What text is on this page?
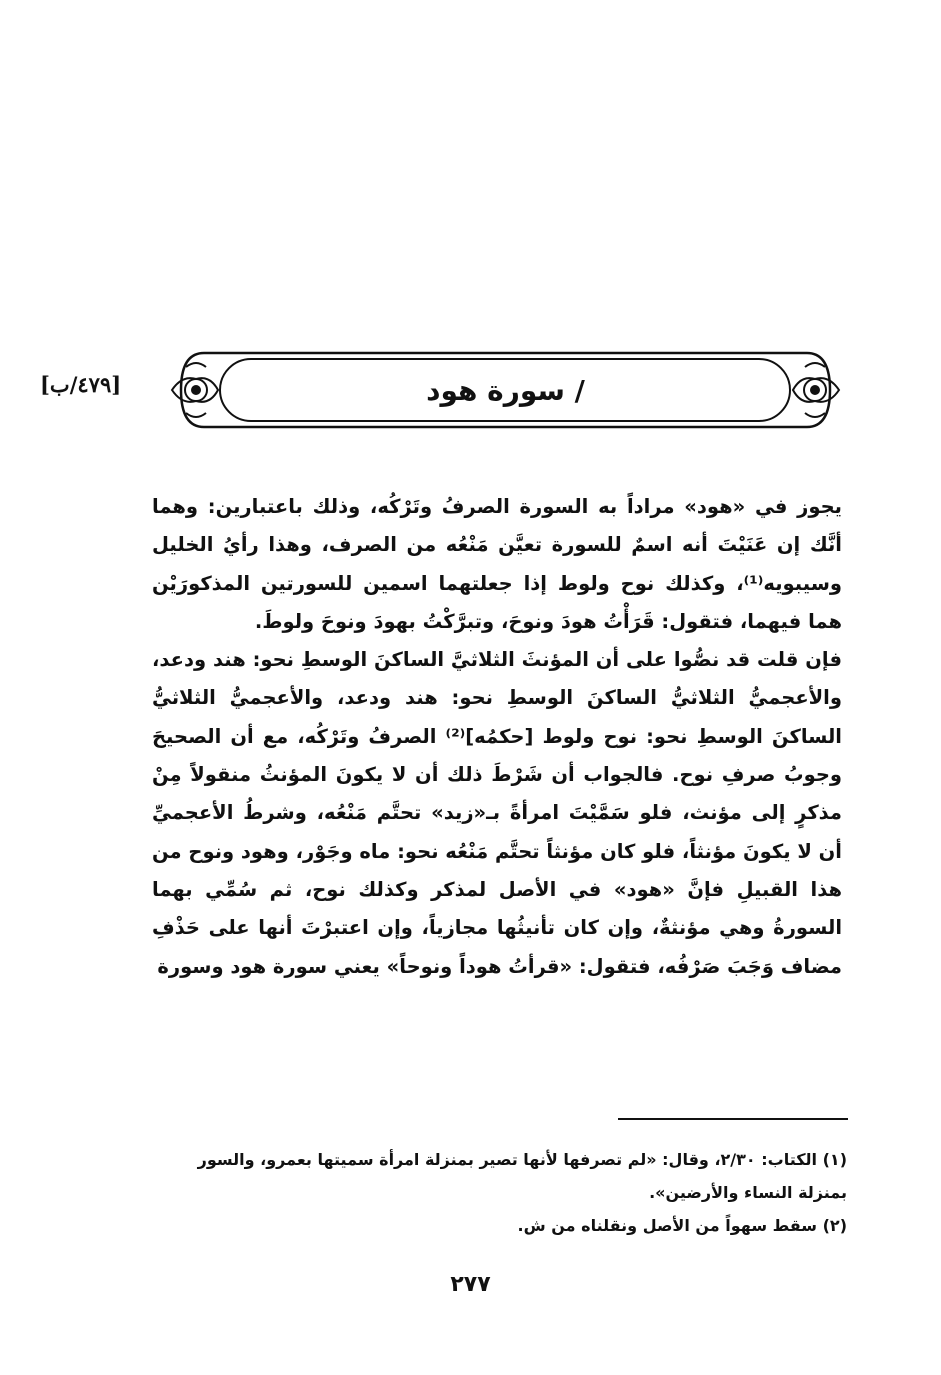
[٤٧٩/ب]	/ سورة هود

يجوز في «هود» مراداً به السورة الصرفُ وتَرْكُه، وذلك باعتبارين: وهما أنَّك إن عَنَيْتَ أنه اسمٌ للسورة تعيَّن مَنْعُه من الصرف، وهذا رأيُ الخليل وسيبويه⁽¹⁾، وكذلك نوح ولوط إذا جعلتهما اسمين للسورتين المذكورَيْن هما فيهما، فتقول: قَرَأْتُ هودَ ونوحَ، وتبرَّكْتُ بهودَ ونوحَ ولوطَ.

فإن قلت قد نصُّوا على أن المؤنثَ الثلاثيَّ الساكنَ الوسطِ نحو: هند ودعد، والأعجميُّ الثلاثيُّ الساكنَ الوسطِ نحو: هند ودعد، والأعجميُّ الثلاثيُّ الساكنَ الوسطِ نحو: نوح ولوط [حكمُه]⁽²⁾ الصرفُ وتَرْكُه، مع أن الصحيحَ وجوبُ صرفِ نوح. فالجواب أن شَرْطَ ذلك أن لا يكونَ المؤنثُ منقولاً مِنْ مذكرٍ إلى مؤنث، فلو سَمَّيْتَ امرأةً بـ«زيد» تحتَّم مَنْعُه، وشرطُ الأعجميِّ أن لا يكونَ مؤنثاً، فلو كان مؤنثاً تحتَّم مَنْعُه نحو: ماه وجَوْر، وهود ونوح من هذا القبيلِ فإنَّ «هود» في الأصل لمذكر وكذلك نوح، ثم سُمِّي بهما السورةُ وهي مؤنثةٌ، وإن كان تأنيثُها مجازياً، وإن اعتبرْتَ أنها على حَذْفِ مضاف وَجَبَ صَرْفُه، فتقول: «قرأتُ هوداً ونوحاً» يعني سورة هود وسورة

(١) الكتاب: ٢/٣٠، وقال: «لم تصرفها لأنها تصير بمنزلة امرأة سميتها بعمرو، والسور بمنزلة النساء والأرضين».

(٢) سقط سهواً من الأصل ونقلناه من ش.

٢٧٧
